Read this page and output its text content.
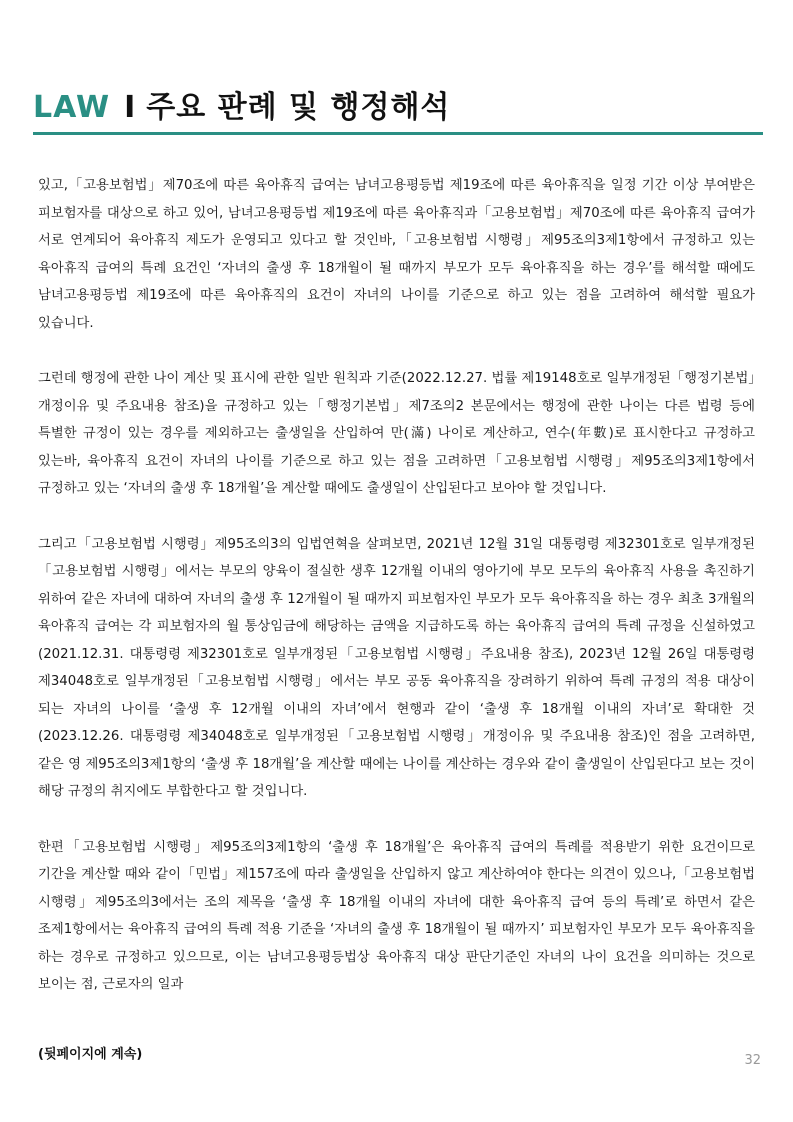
LAW I 주요 판례 및 행정해석

있고,「고용보험법」제70조에 따른 육아휴직 급여는 남녀고용평등법 제19조에 따른 육아휴직을 일정 기간 이상 부여받은 피보험자를 대상으로 하고 있어, 남녀고용평등법 제19조에 따른 육아휴직과「고용보험법」제70조에 따른 육아휴직 급여가 서로 연계되어 육아휴직 제도가 운영되고 있다고 할 것인바,「고용보험법 시행령」제95조의3제1항에서 규정하고 있는 육아휴직 급여의 특례 요건인 ‘자녀의 출생 후 18개월이 될 때까지 부모가 모두 육아휴직을 하는 경우’를 해석할 때에도 남녀고용평등법 제19조에 따른 육아휴직의 요건이 자녀의 나이를 기준으로 하고 있는 점을 고려하여 해석할 필요가 있습니다.

그런데 행정에 관한 나이 계산 및 표시에 관한 일반 원칙과 기준(2022.12.27. 법률 제19148호로 일부개정된「행정기본법」개정이유 및 주요내용 참조)을 규정하고 있는「행정기본법」제7조의2 본문에서는 행정에 관한 나이는 다른 법령 등에 특별한 규정이 있는 경우를 제외하고는 출생일을 산입하여 만(滿) 나이로 계산하고, 연수(年數)로 표시한다고 규정하고 있는바, 육아휴직 요건이 자녀의 나이를 기준으로 하고 있는 점을 고려하면「고용보험법 시행령」제95조의3제1항에서 규정하고 있는 ‘자녀의 출생 후 18개월’을 계산할 때에도 출생일이 산입된다고 보아야 할 것입니다.

그리고「고용보험법 시행령」제95조의3의 입법연혁을 살펴보면, 2021년 12월 31일 대통령령 제32301호로 일부개정된「고용보험법 시행령」에서는 부모의 양육이 절실한 생후 12개월 이내의 영아기에 부모 모두의 육아휴직 사용을 촉진하기 위하여 같은 자녀에 대하여 자녀의 출생 후 12개월이 될 때까지 피보험자인 부모가 모두 육아휴직을 하는 경우 최초 3개월의 육아휴직 급여는 각 피보험자의 월 통상임금에 해당하는 금액을 지급하도록 하는 육아휴직 급여의 특례 규정을 신설하였고(2021.12.31. 대통령령 제32301호로 일부개정된「고용보험법 시행령」주요내용 참조), 2023년 12월 26일 대통령령 제34048호로 일부개정된「고용보험법 시행령」에서는 부모 공동 육아휴직을 장려하기 위하여 특례 규정의 적용 대상이 되는 자녀의 나이를 ‘출생 후 12개월 이내의 자녀’에서 현행과 같이 ‘출생 후 18개월 이내의 자녀’로 확대한 것(2023.12.26. 대통령령 제34048호로 일부개정된「고용보험법 시행령」개정이유 및 주요내용 참조)인 점을 고려하면, 같은 영 제95조의3제1항의 ‘출생 후 18개월’을 계산할 때에는 나이를 계산하는 경우와 같이 출생일이 산입된다고 보는 것이 해당 규정의 취지에도 부합한다고 할 것입니다.

한편「고용보험법 시행령」제95조의3제1항의 ‘출생 후 18개월’은 육아휴직 급여의 특례를 적용받기 위한 요건이므로 기간을 계산할 때와 같이「민법」제157조에 따라 출생일을 산입하지 않고 계산하여야 한다는 의견이 있으나,「고용보험법 시행령」제95조의3에서는 조의 제목을 ‘출생 후 18개월 이내의 자녀에 대한 육아휴직 급여 등의 특례’로 하면서 같은 조제1항에서는 육아휴직 급여의 특례 적용 기준을 ‘자녀의 출생 후 18개월이 될 때까지’ 피보험자인 부모가 모두 육아휴직을 하는 경우로 규정하고 있으므로, 이는 남녀고용평등법상 육아휴직 대상 판단기준인 자녀의 나이 요건을 의미하는 것으로 보이는 점, 근로자의 일과

(뒷페이지에 계속)	32
